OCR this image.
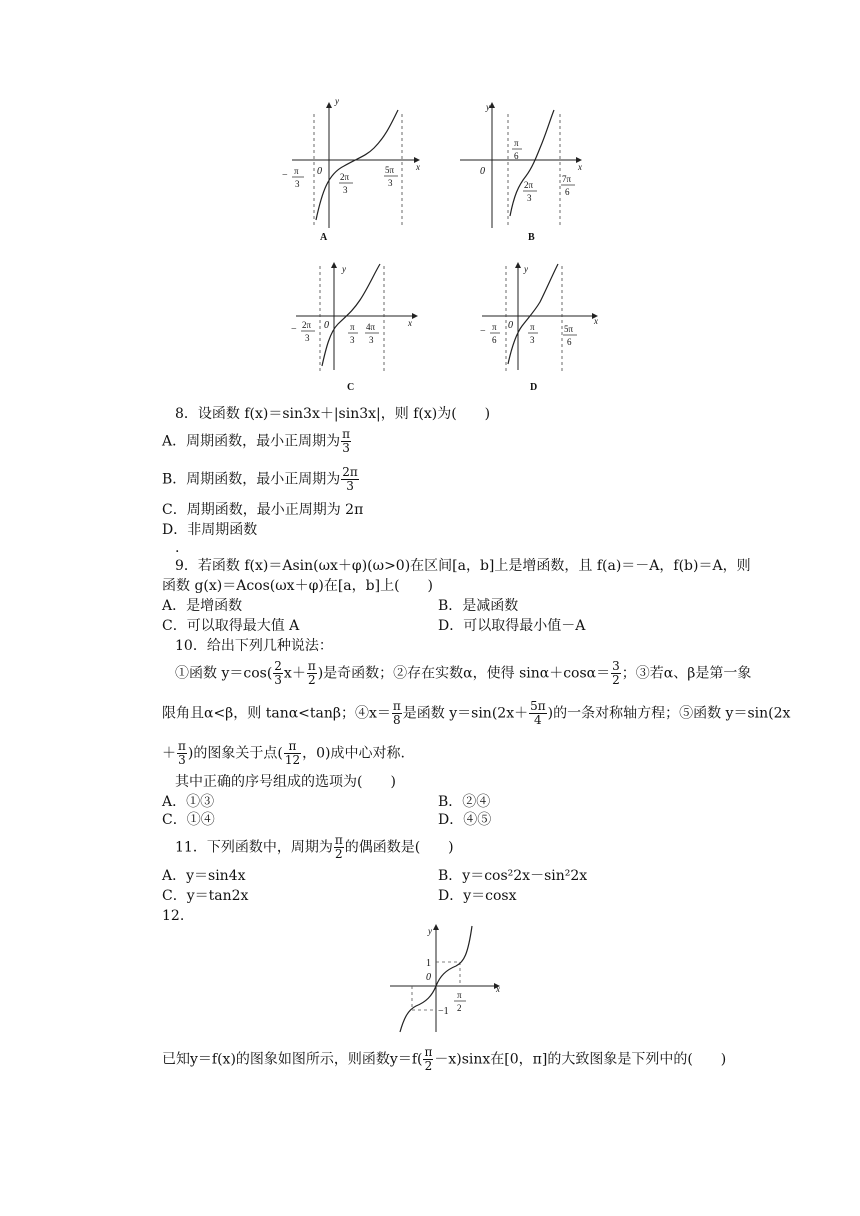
y
x
− π
3
0 2π
3
5π
3
A
y
x
π
6
0
2π
3
7π
6
B
y
x
− 2π
3
0 π
3
4π
3
C
y
x
− π
6
0 π
3
5π
6
D
8．设函数 f(x)＝sin3x＋|sin3x|，则 f(x)为(　　)
A．周期函数，最小正周期为 $\frac{\pi}{3}$
B．周期函数，最小正周期为 $\frac{2\pi}{3}$
C．周期函数，最小正周期为 2π
D．非周期函数
.
9．若函数 f(x)＝Asin(ωx＋φ)(ω>0)在区间[a，b]上是增函数，且 f(a)＝－A，f(b)＝A，则
函数 g(x)＝Acos(ωx＋φ)在[a，b]上(　　)
A．是增函数	B．是减函数
C．可以取得最大值 A	D．可以取得最小值－A
10．给出下列几种说法：
①函数 $y=\cos( \frac{2}{3} x+ \frac{\pi}{2}$ )是奇函数；②存在实数α，使得 $\sin\alpha+\cos\alpha= \frac{3}{2}$ ；③若α、β是第一象
限角且α<β，则 tanα<tanβ；④x＝ $\frac{\pi}{8}$ 是函数 $y=\sin(2x+ \frac{5\pi}{4}$ )的一条对称轴方程；⑤函数 y＝sin(2x
＋ $\frac{\pi}{3}$ )的图象关于点( $\frac{\pi}{12}$ ，0)成中心对称.
其中正确的序号组成的选项为(　　)
A．①③	B．②④
C．①④	D．④⑤
11．下列函数中，周期为 $\frac{\pi}{2}$ 的偶函数是(　　)
A．y＝sin4x	B．y＝cos²2x－sin²2x
C．y＝tan2x	D．y＝cosx
12.
y
x
1
0
−1
π
2
已知y＝f(x)的图象如图所示，则函数$y=f( \frac{\pi}{2} -x)\sin x$在[0，π]的大致图象是下列中的(　　)
